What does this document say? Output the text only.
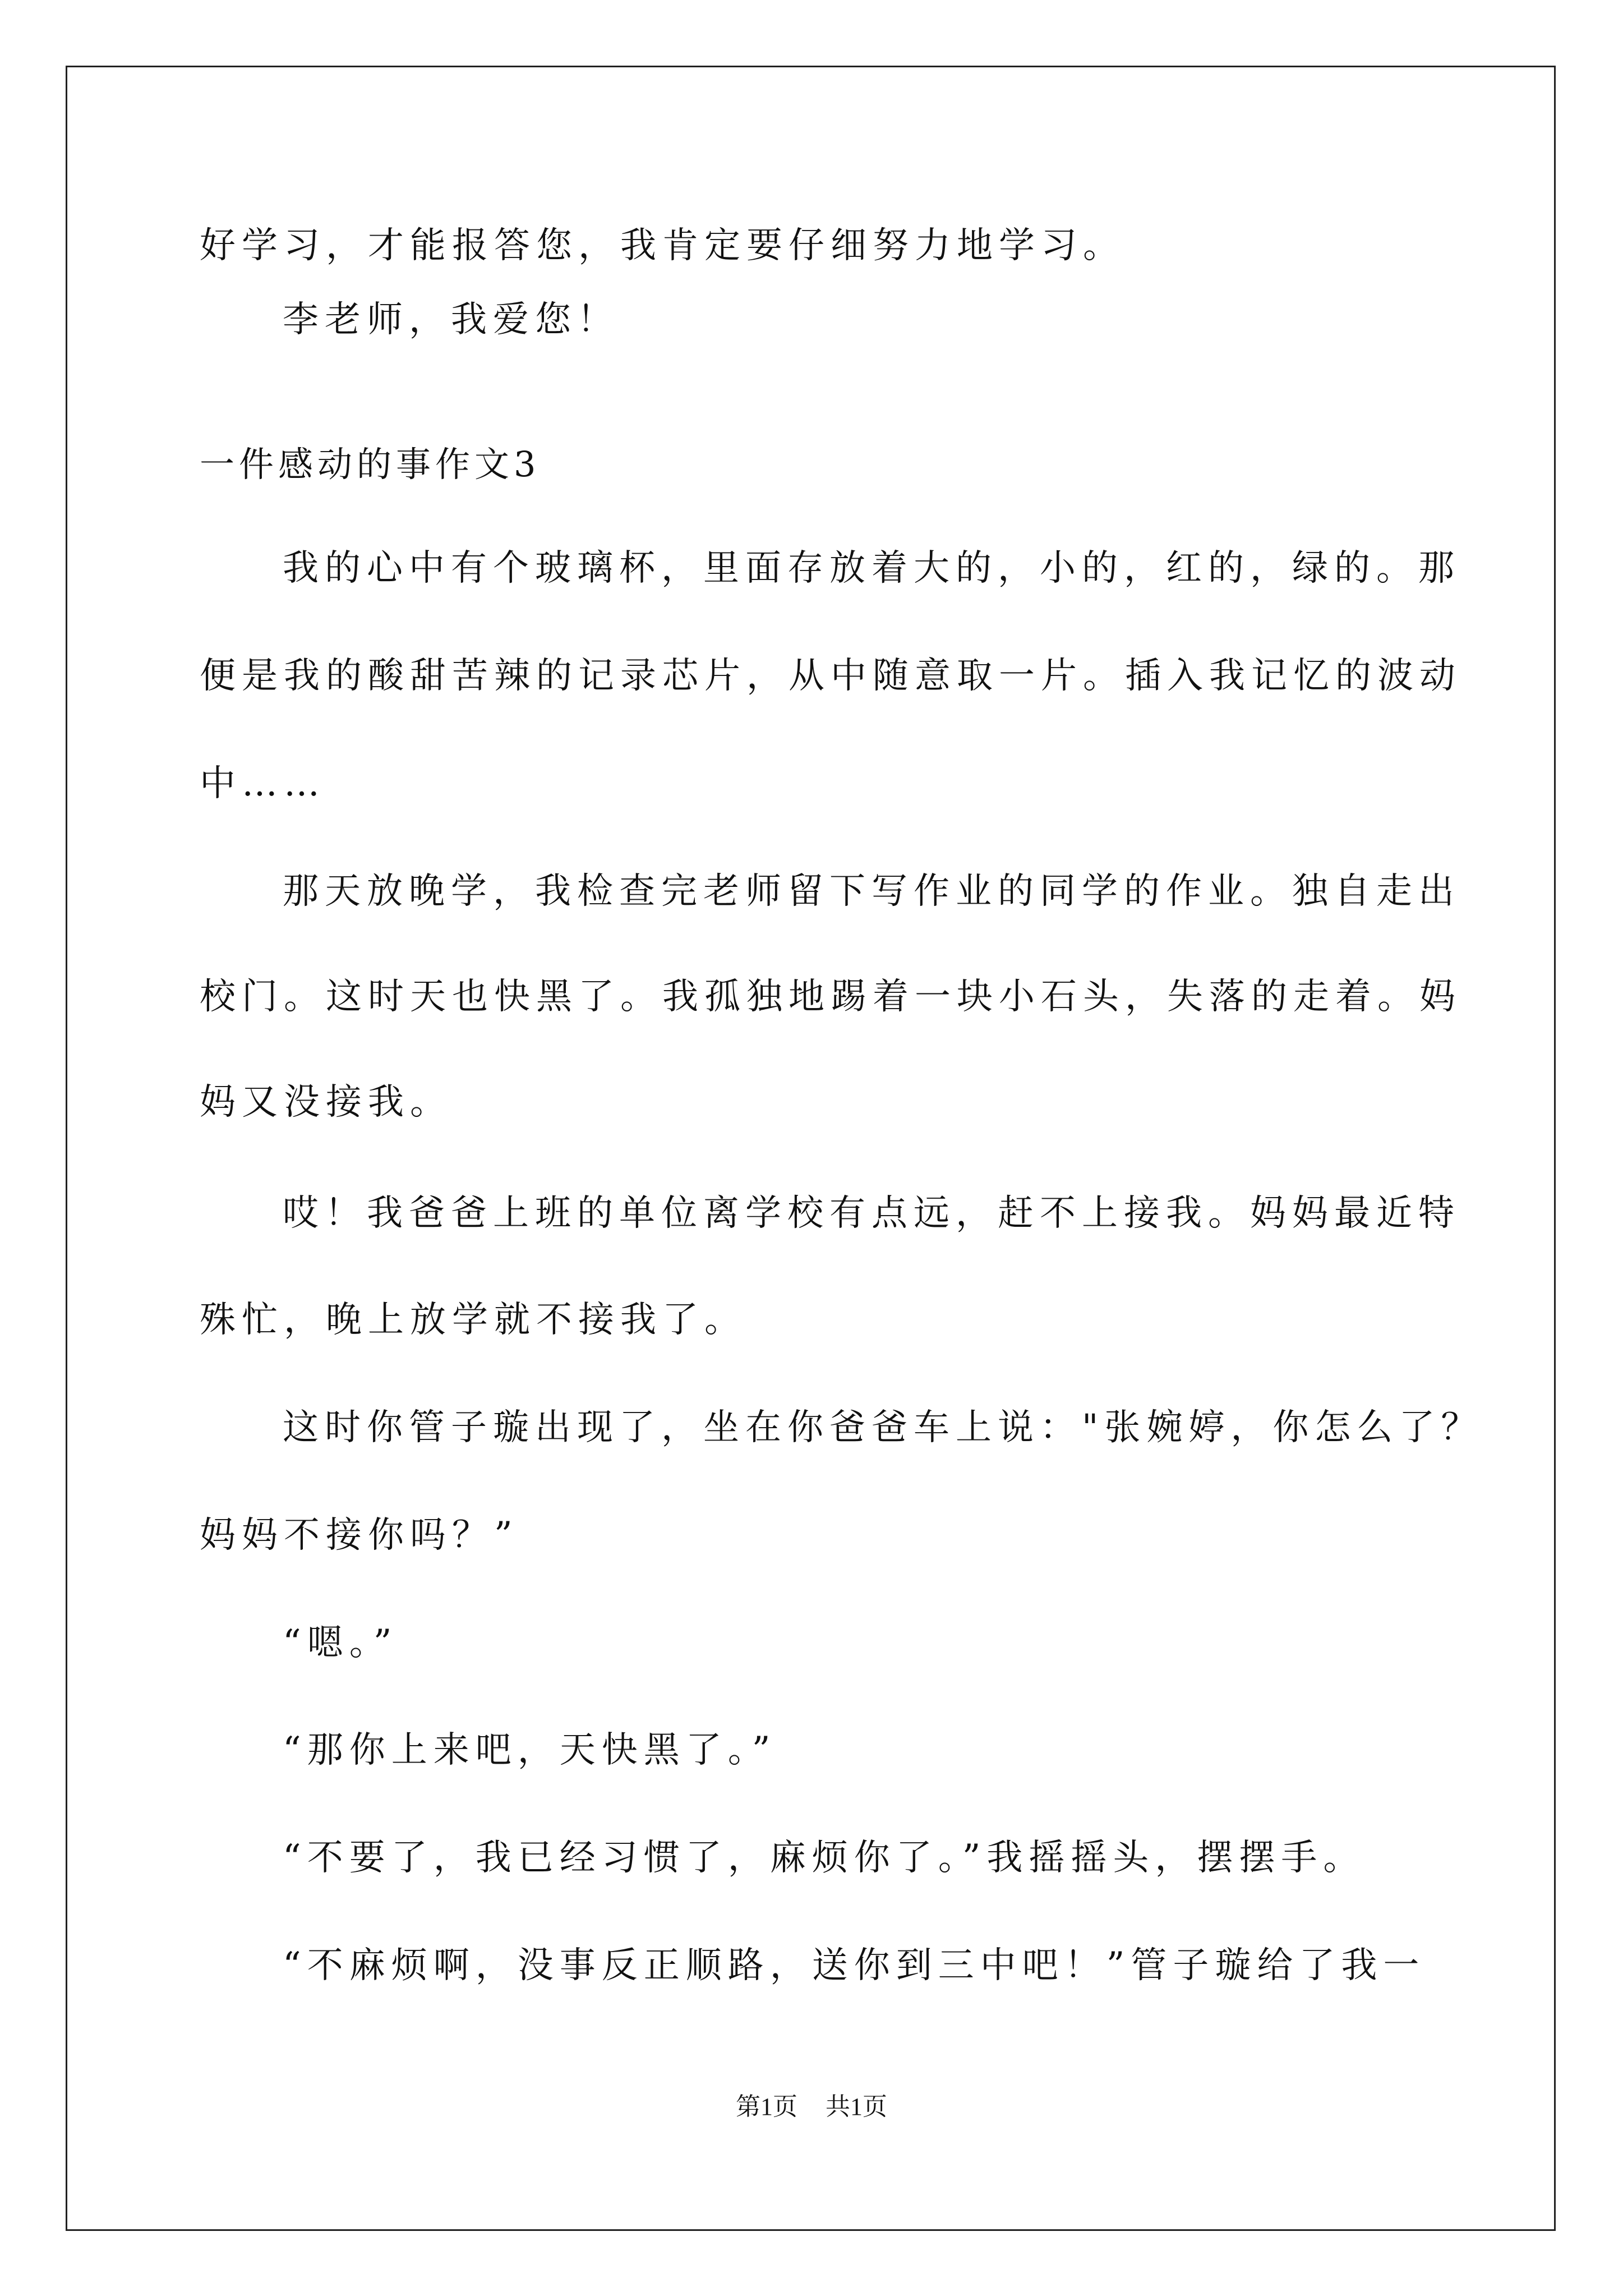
好学习，才能报答您，我肯定要仔细努力地学习。
李老师，我爱您！
一件感动的事作文3
我的心中有个玻璃杯，里面存放着大的，小的，红的，绿的。那
便是我的酸甜苦辣的记录芯片，从中随意取一片。插入我记忆的波动
中……
那天放晚学，我检查完老师留下写作业的同学的作业。独自走出
校门。这时天也快黑了。我孤独地踢着一块小石头，失落的走着。妈
妈又没接我。
哎！我爸爸上班的单位离学校有点远，赶不上接我。妈妈最近特
殊忙，晚上放学就不接我了。
这时你管子璇出现了，坐在你爸爸车上说："张婉婷，你怎么了？
妈妈不接你吗？”
“嗯。”
“那你上来吧，天快黑了。”
“不要了，我已经习惯了，麻烦你了。”我摇摇头，摆摆手。
“不麻烦啊，没事反正顺路，送你到三中吧！”管子璇给了我一
第1页 共1页
